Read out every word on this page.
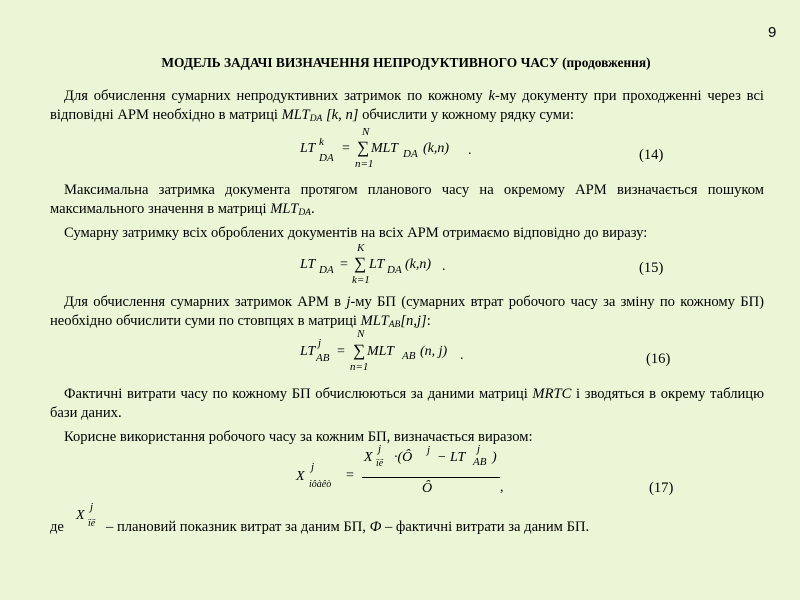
9
МОДЕЛЬ ЗАДАЧІ ВИЗНАЧЕННЯ НЕПРОДУКТИВНОГО ЧАСУ (продовження)
Для обчислення сумарних непродуктивних затримок по кожному k-му документу при проходженні через всі відповідні АРМ необхідно в матриці $MLT_{DA}$ [k, n] обчислити у кожному рядку суми:
LT k
DA
=
N
∑
n=1
MLT DA (k,n) .	(14)
Максимальна затримка документа протягом планового часу на окремому АРМ визначається пошуком максимального значення в матриці $MLT_{DA}$.
Сумарну затримку всіх оброблених документів на всіх АРМ отримаємо відповідно до виразу:
LT DA =
K
∑
k=1
LT DA (k,n) .	(15)
Для обчислення сумарних затримок АРМ в j-му БП (сумарних втрат робочого часу за зміну по кожному БП) необхідно обчислити суми по стовпцях в матриці $MLT_{AB}[n,j]$:
LT
j
AB =
N
∑
n=1
MLT AB (n, j) .	(16)
Фактичні витрати часу по кожному БП обчислюються за даними матриці MRTC і зводяться в окрему таблицю бази даних.
Корисне використання робочого часу за кожним БП, визначається виразом:
X
j
iôàêò
=
X
j
ïë ·(Ô j − LT
j
AB )
Ô	,	(17)
де
X
j
ïë – плановий показник витрат за даним БП, Ф – фактичні витрати за даним БП.
